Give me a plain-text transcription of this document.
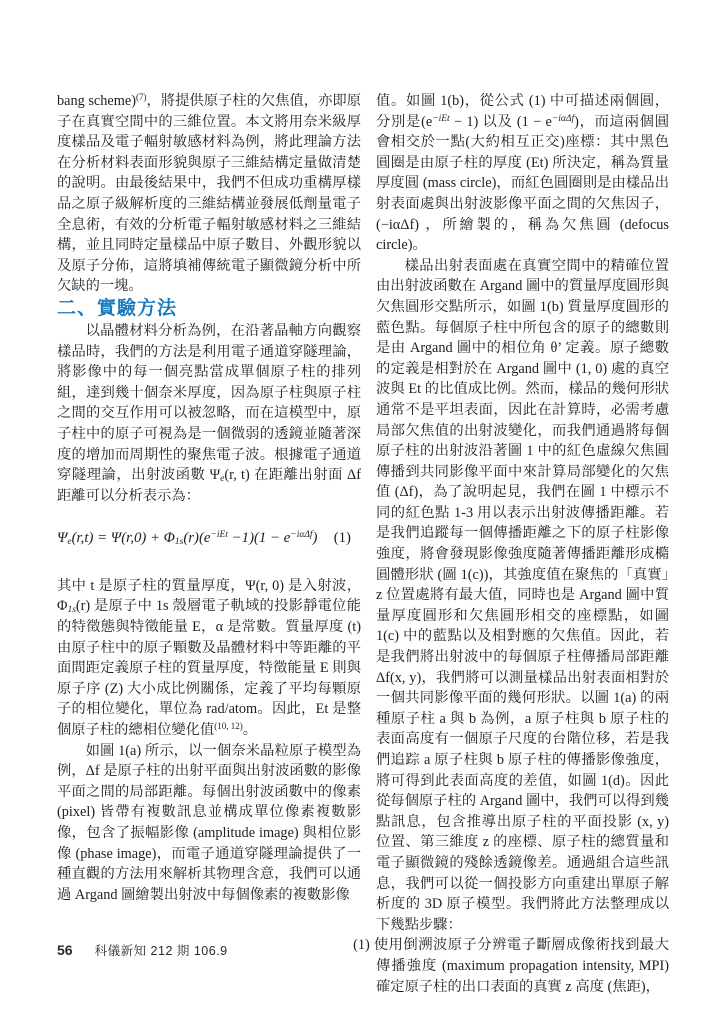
bang scheme)$^{(7)}$，將提供原子柱的欠焦值，亦即原子在真實空間中的三維位置。本文將用奈米級厚度樣品及電子輻射敏感材料為例，將此理論方法在分析材料表面形貌與原子三維結構定量做清楚的說明。由最後結果中，我們不但成功重構厚樣品之原子級解析度的三維結構並發展低劑量電子全息術，有效的分析電子輻射敏感材料之三維結構，並且同時定量樣品中原子數目、外觀形貌以及原子分佈，這將填補傳統電子顯微鏡分析中所欠缺的一塊。

二、實驗方法

以晶體材料分析為例，在沿著晶軸方向觀察樣品時，我們的方法是利用電子通道穿隧理論，將影像中的每一個亮點當成單個原子柱的排列組，達到幾十個奈米厚度，因為原子柱與原子柱之間的交互作用可以被忽略，而在這模型中，原子柱中的原子可視為是一個微弱的透鏡並隨著深度的增加而周期性的聚焦電子波。根據電子通道穿隧理論，出射波函數 $\Psi_e(r$, t) 在距離出射面 Δf 距離可以分析表示為：

$\Psi_e(r,t) = \Psi(r,0) + \Phi_{1s}(r)(e^{-iEt} -1)(1 - e^{-i\alpha\Delta f})$ (1)

其中 t 是原子柱的質量厚度，Ψ(r, 0) 是入射波，$\Phi_{1s}(r)$ 是原子中 1s 殼層電子軌域的投影靜電位能的特徵態與特徵能量 E，α 是常數。質量厚度 (t) 由原子柱中的原子顆數及晶體材料中等距離的平面間距定義原子柱的質量厚度，特徵能量 E 則與原子序 (Z) 大小成比例關係，定義了平均每顆原子的相位變化，單位為 rad/atom。因此，Et 是整個原子柱的總相位變化值$^{(10, 12)}$。

如圖 1(a) 所示，以一個奈米晶粒原子模型為例，Δf 是原子柱的出射平面與出射波函數的影像平面之間的局部距離。每個出射波函數中的像素 (pixel) 皆帶有複數訊息並構成單位像素複數影像，包含了振幅影像 (amplitude image) 與相位影像 (phase image)，而電子通道穿隧理論提供了一種直觀的方法用來解析其物理含意，我們可以通過 Argand 圖繪製出射波中每個像素的複數影像

值。如圖 1(b)，從公式 (1) 中可描述兩個圓，分別是$(e^{-iEt} - 1)$ 以及 $(1 - e^{-i\alpha\Delta f})$，而這兩個圓會相交於一點(大約相互正交)座標：其中黑色圓圈是由原子柱的厚度 (Et) 所決定，稱為質量厚度圓 (mass circle)，而紅色圓圈則是由樣品出射表面處與出射波影像平面之間的欠焦因子，(−iαΔf) ，所繪製的，稱為欠焦圓 (defocus circle)。

樣品出射表面處在真實空間中的精確位置由出射波函數在 Argand 圖中的質量厚度圓形與欠焦圓形交點所示，如圖 1(b) 質量厚度圓形的藍色點。每個原子柱中所包含的原子的總數則是由 Argand 圖中的相位角 θ’ 定義。原子總數的定義是相對於在 Argand 圖中 (1, 0) 處的真空波與 Et 的比值成比例。然而，樣品的幾何形狀通常不是平坦表面，因此在計算時，必需考慮局部欠焦值的出射波變化，而我們通過將每個原子柱的出射波沿著圖 1 中的紅色虛線欠焦圓傳播到共同影像平面中來計算局部變化的欠焦值 (Δf)，為了說明起見，我們在圖 1 中標示不同的紅色點 1-3 用以表示出射波傳播距離。若是我們追蹤每一個傳播距離之下的原子柱影像強度，將會發現影像強度隨著傳播距離形成橢圓體形狀 (圖 1(c))，其強度值在聚焦的「真實」z 位置處將有最大值，同時也是 Argand 圖中質量厚度圓形和欠焦圓形相交的座標點，如圖 1(c) 中的藍點以及相對應的欠焦值。因此，若是我們將出射波中的每個原子柱傳播局部距離 Δf(x, y)，我們將可以測量樣品出射表面相對於一個共同影像平面的幾何形狀。以圖 1(a) 的兩種原子柱 a 與 b 為例，a 原子柱與 b 原子柱的表面高度有一個原子尺度的台階位移，若是我們追踪 a 原子柱與 b 原子柱的傳播影像強度，將可得到此表面高度的差值，如圖 1(d)。因此從每個原子柱的 Argand 圖中，我們可以得到幾點訊息，包含推導出原子柱的平面投影 (x, y) 位置、第三維度 z 的座標、原子柱的總質量和電子顯微鏡的殘餘透鏡像差。通過組合這些訊息，我們可以從一個投影方向重建出單原子解析度的 3D 原子模型。我們將此方法整理成以下幾點步驟：

(1) 使用倒溯波原子分辨電子斷層成像術找到最大傳播強度 (maximum propagation intensity, MPI) 確定原子柱的出口表面的真實 z 高度 (焦距)，

56 科儀新知 212 期 106.9
